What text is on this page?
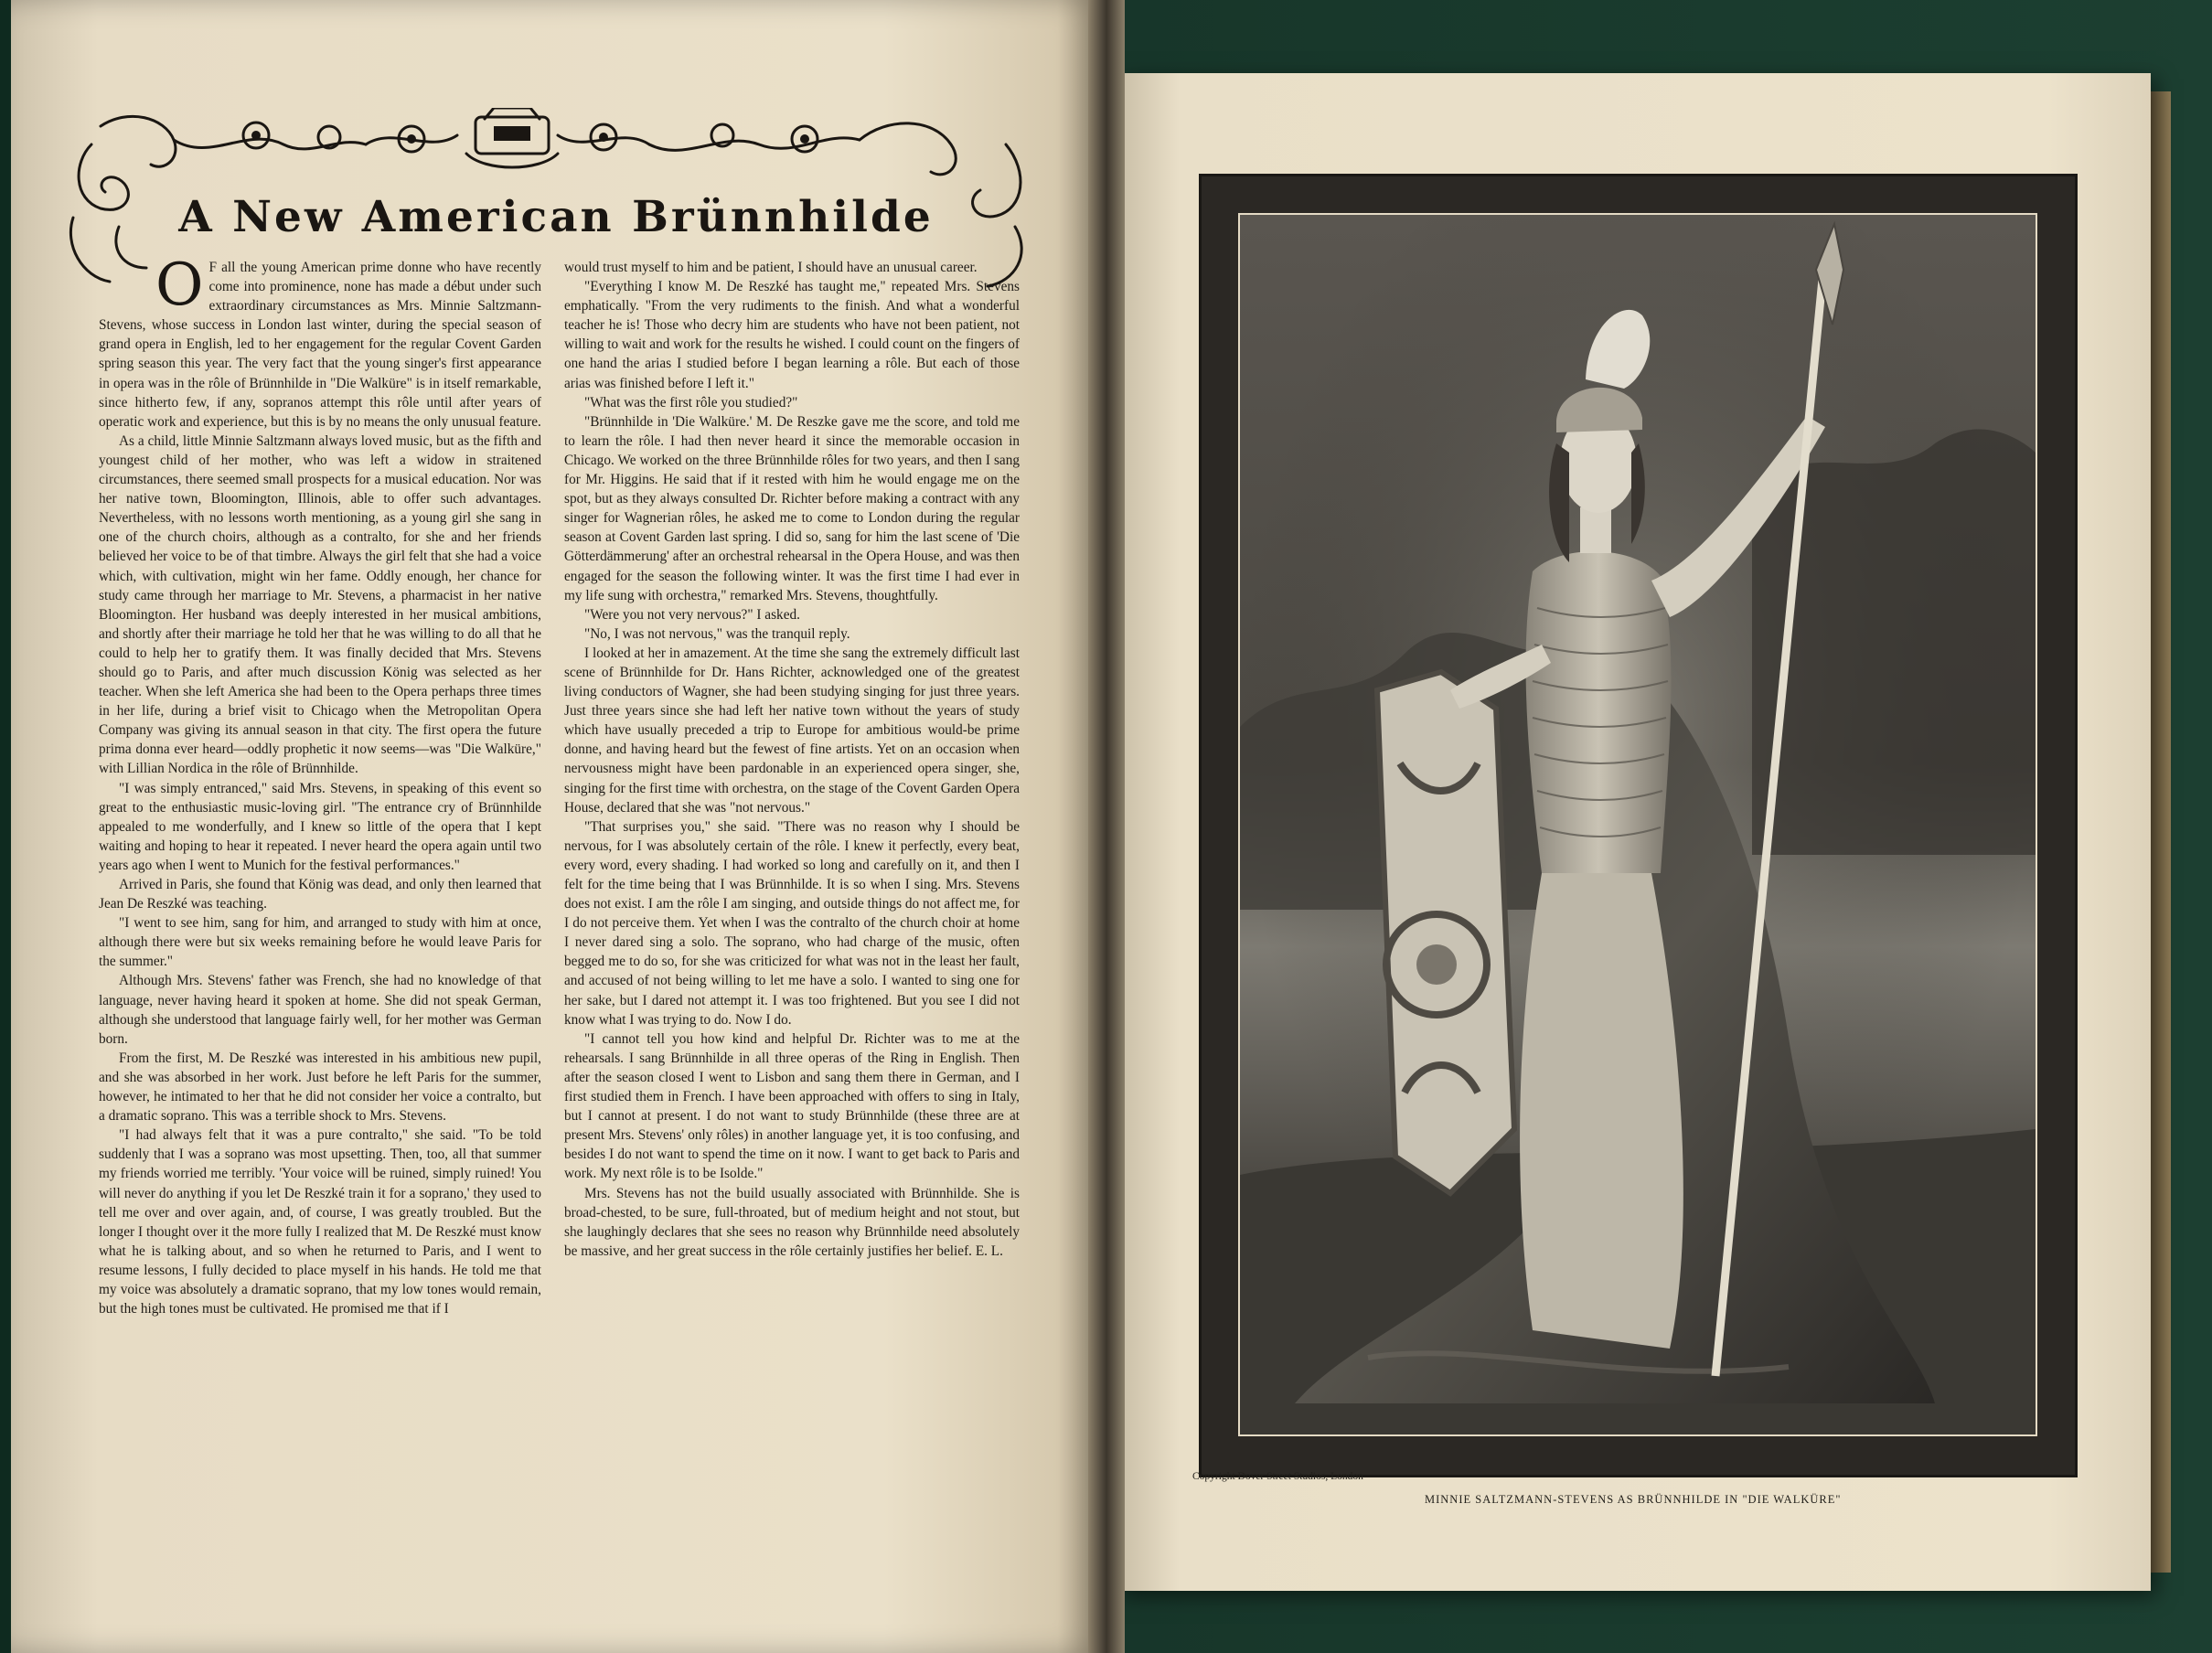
A New American Brünnhilde
O F all the young American prime donne who have recently come into prominence, none has made a début under such extraordinary circumstances as Mrs. Minnie Saltzmann-Stevens, whose success in London last winter, during the special season of grand opera in English, led to her engagement for the regular Covent Garden spring season this year. The very fact that the young singer's first appearance in opera was in the rôle of Brünnhilde in "Die Walküre" is in itself remarkable, since hitherto few, if any, sopranos attempt this rôle until after years of operatic work and experience, but this is by no means the only unusual feature.

As a child, little Minnie Saltzmann always loved music, but as the fifth and youngest child of her mother, who was left a widow in straitened circumstances, there seemed small prospects for a musical education. Nor was her native town, Bloomington, Illinois, able to offer such advantages. Nevertheless, with no lessons worth mentioning, as a young girl she sang in one of the church choirs, although as a contralto, for she and her friends believed her voice to be of that timbre. Always the girl felt that she had a voice which, with cultivation, might win her fame. Oddly enough, her chance for study came through her marriage to Mr. Stevens, a pharmacist in her native Bloomington. Her husband was deeply interested in her musical ambitions, and shortly after their marriage he told her that he was willing to do all that he could to help her to gratify them. It was finally decided that Mrs. Stevens should go to Paris, and after much discussion König was selected as her teacher. When she left America she had been to the Opera perhaps three times in her life, during a brief visit to Chicago when the Metropolitan Opera Company was giving its annual season in that city. The first opera the future prima donna ever heard—oddly prophetic it now seems—was "Die Walküre," with Lillian Nordica in the rôle of Brünnhilde.

"I was simply entranced," said Mrs. Stevens, in speaking of this event so great to the enthusiastic music-loving girl. "The entrance cry of Brünnhilde appealed to me wonderfully, and I knew so little of the opera that I kept waiting and hoping to hear it repeated. I never heard the opera again until two years ago when I went to Munich for the festival performances."

Arrived in Paris, she found that König was dead, and only then learned that Jean De Reszké was teaching.

"I went to see him, sang for him, and arranged to study with him at once, although there were but six weeks remaining before he would leave Paris for the summer."

Although Mrs. Stevens' father was French, she had no knowledge of that language, never having heard it spoken at home. She did not speak German, although she understood that language fairly well, for her mother was German born.

From the first, M. De Reszké was interested in his ambitious new pupil, and she was absorbed in her work. Just before he left Paris for the summer, however, he intimated to her that he did not consider her voice a contralto, but a dramatic soprano. This was a terrible shock to Mrs. Stevens.

"I had always felt that it was a pure contralto," she said. "To be told suddenly that I was a soprano was most upsetting. Then, too, all that summer my friends worried me terribly. 'Your voice will be ruined, simply ruined! You will never do anything if you let De Reszké train it for a soprano,' they used to tell me over and over again, and, of course, I was greatly troubled. But the longer I thought over it the more fully I realized that M. De Reszké must know what he is talking about, and so when he returned to Paris, and I went to resume lessons, I fully decided to place myself in his hands. He told me that my voice was absolutely a dramatic soprano, that my low tones would remain, but the high tones must be cultivated. He promised me that if I

would trust myself to him and be patient, I should have an unusual career.

"Everything I know M. De Reszké has taught me," repeated Mrs. Stevens emphatically. "From the very rudiments to the finish. And what a wonderful teacher he is! Those who decry him are students who have not been patient, not willing to wait and work for the results he wished. I could count on the fingers of one hand the arias I studied before I began learning a rôle. But each of those arias was finished before I left it."

"What was the first rôle you studied?"

"Brünnhilde in 'Die Walküre.' M. De Reszke gave me the score, and told me to learn the rôle. I had then never heard it since the memorable occasion in Chicago. We worked on the three Brünnhilde rôles for two years, and then I sang for Mr. Higgins. He said that if it rested with him he would engage me on the spot, but as they always consulted Dr. Richter before making a contract with any singer for Wagnerian rôles, he asked me to come to London during the regular season at Covent Garden last spring. I did so, sang for him the last scene of 'Die Götterdämmerung' after an orchestral rehearsal in the Opera House, and was then engaged for the season the following winter. It was the first time I had ever in my life sung with orchestra," remarked Mrs. Stevens, thoughtfully.

"Were you not very nervous?" I asked.

"No, I was not nervous," was the tranquil reply.

I looked at her in amazement. At the time she sang the extremely difficult last scene of Brünnhilde for Dr. Hans Richter, acknowledged one of the greatest living conductors of Wagner, she had been studying singing for just three years. Just three years since she had left her native town without the years of study which have usually preceded a trip to Europe for ambitious would-be prime donne, and having heard but the fewest of fine artists. Yet on an occasion when nervousness might have been pardonable in an experienced opera singer, she, singing for the first time with orchestra, on the stage of the Covent Garden Opera House, declared that she was "not nervous."

"That surprises you," she said. "There was no reason why I should be nervous, for I was absolutely certain of the rôle. I knew it perfectly, every beat, every word, every shading. I had worked so long and carefully on it, and then I felt for the time being that I was Brünnhilde. It is so when I sing. Mrs. Stevens does not exist. I am the rôle I am singing, and outside things do not affect me, for I do not perceive them. Yet when I was the contralto of the church choir at home I never dared sing a solo. The soprano, who had charge of the music, often begged me to do so, for she was criticized for what was not in the least her fault, and accused of not being willing to let me have a solo. I wanted to sing one for her sake, but I dared not attempt it. I was too frightened. But you see I did not know what I was trying to do. Now I do.

"I cannot tell you how kind and helpful Dr. Richter was to me at the rehearsals. I sang Brünnhilde in all three operas of the Ring in English. Then after the season closed I went to Lisbon and sang them there in German, and I first studied them in French. I have been approached with offers to sing in Italy, but I cannot at present. I do not want to study Brünnhilde (these three are at present Mrs. Stevens' only rôles) in another language yet, it is too confusing, and besides I do not want to spend the time on it now. I want to get back to Paris and work. My next rôle is to be Isolde."

Mrs. Stevens has not the build usually associated with Brünnhilde. She is broad-chested, to be sure, full-throated, but of medium height and not stout, but she laughingly declares that she sees no reason why Brünnhilde need absolutely be massive, and her great success in the rôle certainly justifies her belief. E. L.

Copyright Dover Street Studios, London
MINNIE SALTZMANN-STEVENS AS BRÜNNHILDE IN "DIE WALKÜRE"
